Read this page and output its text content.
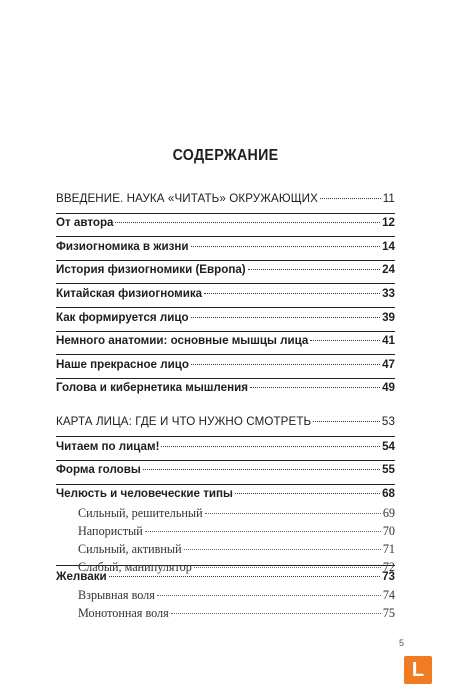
СОДЕРЖАНИЕ
ВВЕДЕНИЕ. НАУКА «ЧИТАТЬ» ОКРУЖАЮЩИХ	11
От автора	12
Физиогномика в жизни	14
История физиогномики (Европа)	24
Китайская физиогномика	33
Как формируется лицо	39
Немного анатомии: основные мышцы лица	41
Наше прекрасное лицо	47
Голова и кибернетика мышления	49
КАРТА ЛИЦА: ГДЕ И ЧТО НУЖНО СМОТРЕТЬ	53
Читаем по лицам!	54
Форма головы	55
Челюсть и человеческие типы	68
Сильный, решительный	69
Напористый	70
Сильный, активный	71
Слабый, манипулятор	72
Желваки	73
Взрывная воля	74
Монотонная воля	75
5
L
